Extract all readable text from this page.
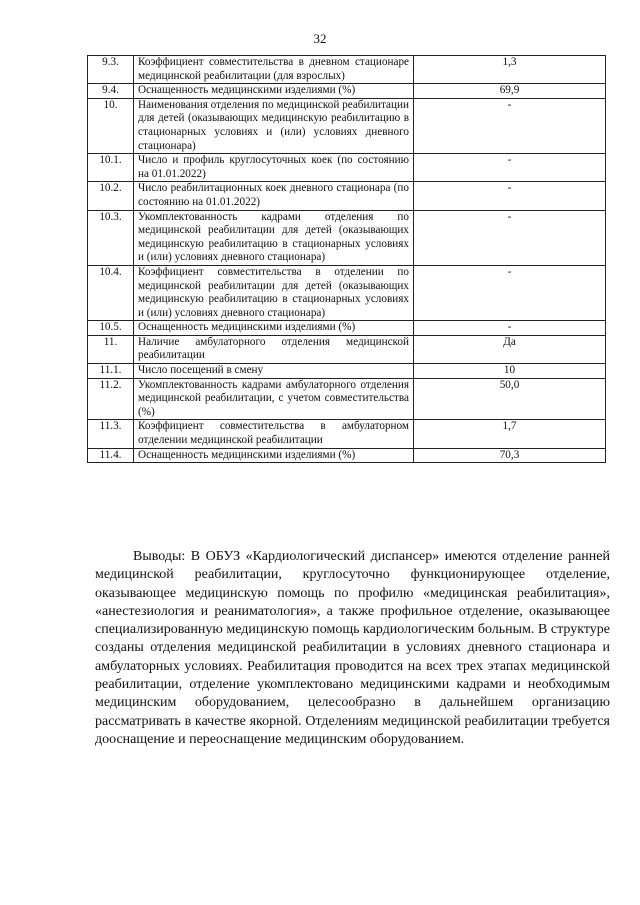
32
9.3.	Коэффициент совместительства в дневном стационаре медицинской реабилитации (для взрослых)	1,3
9.4.	Оснащенность медицинскими изделиями (%)	69,9
10.	Наименования отделения по медицинской реабилитации для детей (оказывающих медицинскую реабилитацию в стационарных условиях и (или) условиях дневного стационара)	-
10.1.	Число и профиль круглосуточных коек (по состоянию на 01.01.2022)	-
10.2.	Число реабилитационных коек дневного стационара (по состоянию на 01.01.2022)	-
10.3.	Укомплектованность кадрами отделения по медицинской реабилитации для детей (оказывающих медицинскую реабилитацию в стационарных условиях и (или) условиях дневного стационара)	-
10.4.	Коэффициент совместительства в отделении по медицинской реабилитации для детей (оказывающих медицинскую реабилитацию в стационарных условиях и (или) условиях дневного стационара)	-
10.5.	Оснащенность медицинскими изделиями (%)	-
11.	Наличие амбулаторного отделения медицинской реабилитации	Да
11.1.	Число посещений в смену	10
11.2.	Укомплектованность кадрами амбулаторного отделения медицинской реабилитации, с учетом совместительства (%)	50,0
11.3.	Коэффициент совместительства в амбулаторном отделении медицинской реабилитации	1,7
11.4.	Оснащенность медицинскими изделиями (%)	70,3

Выводы: В ОБУЗ «Кардиологический диспансер» имеются отделение ранней медицинской реабилитации, круглосуточно функционирующее отделение, оказывающее медицинскую помощь по профилю «медицинская реабилитация», «анестезиология и реаниматология», а также профильное отделение, оказывающее специализированную медицинскую помощь кардиологическим больным. В структуре созданы отделения медицинской реабилитации в условиях дневного стационара и амбулаторных условиях. Реабилитация проводится на всех трех этапах медицинской реабилитации, отделение укомплектовано медицинскими кадрами и необходимым медицинским оборудованием, целесообразно в дальнейшем организацию рассматривать в качестве якорной. Отделениям медицинской реабилитации требуется дооснащение и переоснащение медицинским оборудованием.
